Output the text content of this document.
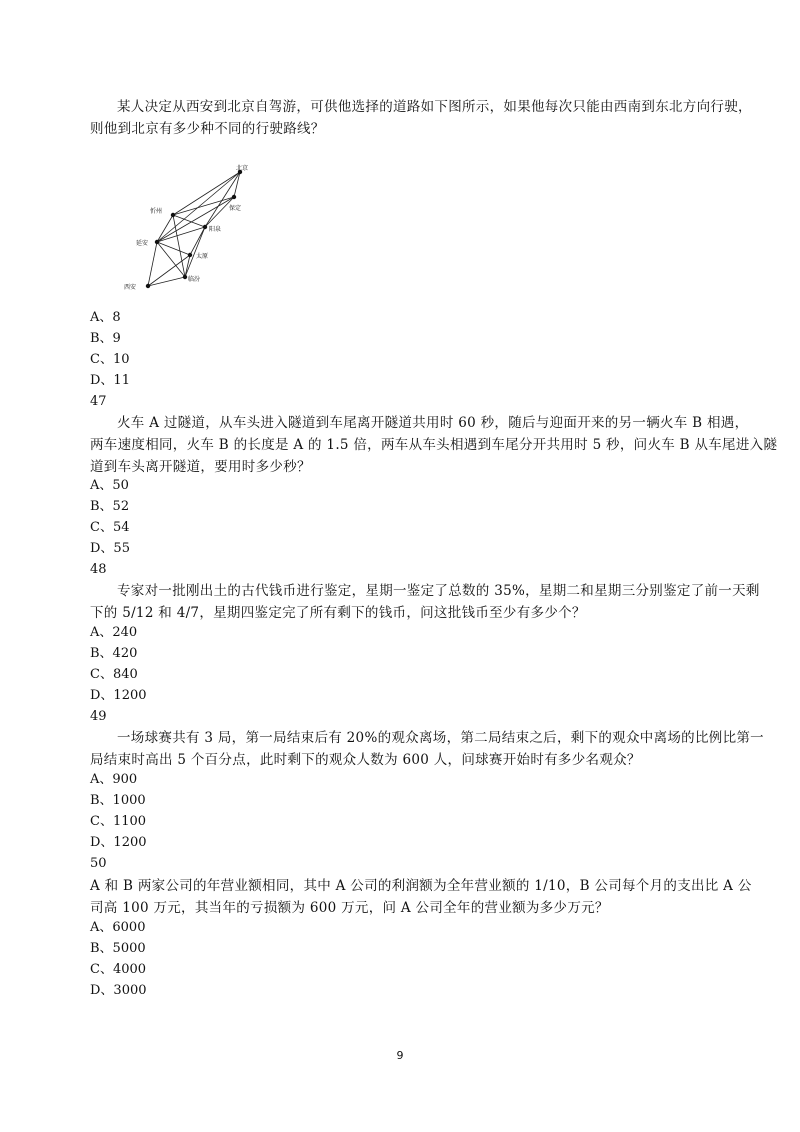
某人决定从西安到北京自驾游，可供他选择的道路如下图所示，如果他每次只能由西南到东北方向行驶，
则他到北京有多少种不同的行驶路线？
北京
忻州	保定
阳泉
延安
太原
临汾
西安
A、8
B、9
C、10
D、11
47
火车 A 过隧道，从车头进入隧道到车尾离开隧道共用时 60 秒，随后与迎面开来的另一辆火车 B 相遇，
两车速度相同，火车 B 的长度是 A 的 1.5 倍，两车从车头相遇到车尾分开共用时 5 秒，问火车 B 从车尾进入隧
道到车头离开隧道，要用时多少秒？
A、50
B、52
C、54
D、55
48
专家对一批刚出土的古代钱币进行鉴定，星期一鉴定了总数的 35%，星期二和星期三分别鉴定了前一天剩
下的 5/12 和 4/7，星期四鉴定完了所有剩下的钱币，问这批钱币至少有多少个？
A、240
B、420
C、840
D、1200
49
一场球赛共有 3 局，第一局结束后有 20%的观众离场，第二局结束之后，剩下的观众中离场的比例比第一
局结束时高出 5 个百分点，此时剩下的观众人数为 600 人，问球赛开始时有多少名观众？
A、900
B、1000
C、1100
D、1200
50
A 和 B 两家公司的年营业额相同，其中 A 公司的利润额为全年营业额的 1/10，B 公司每个月的支出比 A 公
司高 100 万元，其当年的亏损额为 600 万元，问 A 公司全年的营业额为多少万元？
A、6000
B、5000
C、4000
D、3000
9
